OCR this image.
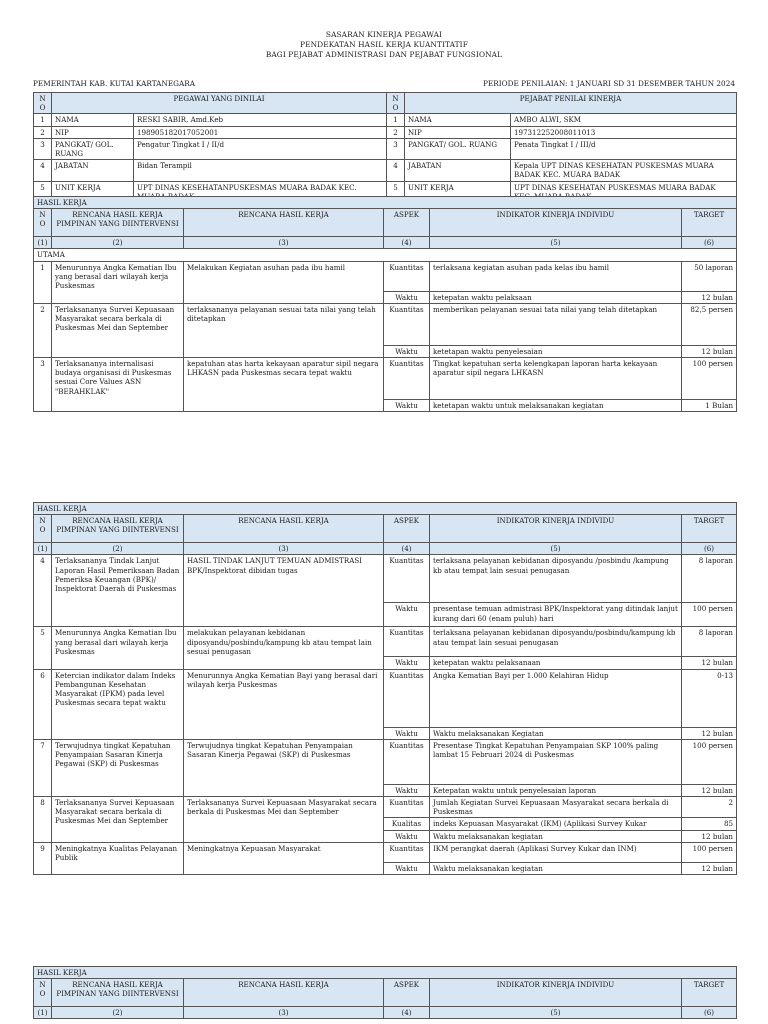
SASARAN KINERJA PEGAWAI
PENDEKATAN HASIL KERJA KUANTITATIF
BAGI PEJABAT ADMINISTRASI DAN PEJABAT FUNGSIONAL
PEMERINTAH KAB. KUTAI KARTANEGARA	PERIODE PENILAIAN: 1 JANUARI SD 31 DESEMBER TAHUN 2024
NO	PEGAWAI YANG DINILAI		NO	PEJABAT PENILAI KINERJA	
1	NAMA	RESKI SABIR, Amd.Keb	1	NAMA	AMBO ALWI, SKM
2	NIP	198905182017052001	2	NIP	197312252008011013
3	PANGKAT/ GOL. RUANG	Pengatur Tingkat I / II/d	3	PANGKAT/ GOL. RUANG	Penata Tingkat I / III/d
4	JABATAN	Bidan Terampil	4	JABATAN	Kepala UPT DINAS KESEHATAN PUSKESMAS MUARA BADAK KEC. MUARA BADAK
5	UNIT KERJA	UPT DINAS KESEHATANPUSKESMAS MUARA BADAK KEC.	5	UNIT KERJA	UPT DINAS KESEHATAN PUSKESMAS MUARA BADAK
HASIL KERJA					
NO	RENCANA HASIL KERJA PIMPINAN YANG DIINTERVENSI	RENCANA HASIL KERJA	ASPEK	INDIKATOR KINERJA INDIVIDU	TARGET
(1)	(2)	(3)	(4)	(5)	(6)
UTAMA					
1	Menurunnya Angka Kematian Ibu yang berasal dari wilayah kerja Puskesmas	Melakukan Kegiatan asuhan pada ibu hamil	Kuantitas	terlaksana kegiatan asuhan pada kelas ibu hamil	50 laporan
			Waktu	ketepatan waktu pelaksaan	12 bulan
2	Terlaksananya Survei Kepuasaan Masyarakat secara berkala di Puskesmas Mei dan September	terlaksananya pelayanan sesuai tata nilai yang telah ditetapkan	Kuantitas	memberikan pelayanan sesuai tata nilai yang telah ditetapkan	82,5 persen
			Waktu	ketetapan waktu penyelesaian	12 bulan
3	Terlaksananya internalisasi budaya organisasi di Puskesmas sesuai Core Values ASN "BERAHKLAK"	kepatuhan atas harta kekayaan aparatur sipil negara LHKASN pada Puskesmas secara tepat waktu	Kuantitas	Tingkat kepatuhan serta kelengkapan laporan harta kekayaan aparatur sipil negara LHKASN	100 persen
			Waktu	ketetapan waktu untuk melaksanakan kegiatan	1 Bulan
HASIL KERJA					
NO	RENCANA HASIL KERJA PIMPINAN YANG DIINTERVENSI	RENCANA HASIL KERJA	ASPEK	INDIKATOR KINERJA INDIVIDU	TARGET
(1)	(2)	(3)	(4)	(5)	(6)
4	Terlaksananya Tindak Lanjut Laporan Hasil Pemeriksaan Badan Pemeriksa Keuangan (BPK)/ Inspektorat Daerah di Puskesmas	HASIL TINDAK LANJUT TEMUAN ADMISTRASI BPK/Inspektorat dibidan tugas	Kuantitas	terlaksana pelayanan kebidanan diposyandu /posbindu /kampung kb atau tempat lain sesuai penugasan	8 laporan
			Waktu	presentase temuan admistrasi BPK/Inspektorat yang ditindak lanjut kurang dari 60 (enam puluh) hari	100 persen
5	Menurunnya Angka Kematian Ibu yang berasal dari wilayah kerja Puskesmas	melakukan pelayanan kebidanan diposyandu/posbindu/kampung kb atau tempat lain sesuai penugasan	Kuantitas	terlaksana pelayanan kebidanan diposyandu/posbindu/kampung kb atau tempat lain sesuai penugasan	8 laporan
			Waktu	ketepatan waktu pelaksanaan	12 bulan
6	Ketercian indikator dalam Indeks Pembangunan Kesehatan Masyarakat (IPKM) pada level Puskesmas secara tepat waktu	Menurunnya Angka Kematian Bayi yang berasal dari wilayah kerja Puskesmas	Kuantitas	Angka Kematian Bayi per 1.000 Kelahiran Hidup	0-13
			Waktu	Waktu melaksanakan Kegiatan	12 bulan
7	Terwujudnya tingkat Kepatuhan Penyampaian Sasaran Kinerja Pegawai (SKP) di Puskesmas	Terwujudnya tingkat Kepatuhan Penyampaian Sasaran Kinerja Pegawai (SKP) di Puskesmas	Kuantitas	Presentase Tingkat Kepatuhan Penyampaian SKP 100% paling lambat 15 Februari 2024 di Puskesmas	100 persen
			Waktu	Ketepatan waktu untuk penyelesaian laporan	12 bulan
8	Terlaksananya Survei Kepuasaan Masyarakat secara berkala di Puskesmas Mei dan September	Terlaksananya Survei Kepuasaan Masyarakat secara berkala di Puskesmas Mei dan September	Kuantitas	Jumlah Kegiatan Survei Kepuasaan Masyarakat secara berkala di Puskesmas	2
			Kualitas	indeks Kepuasan Masyarakat (IKM) (Aplikasi Survey Kukar	85
			Waktu	Waktu melaksanakan kegiatan	12 bulan
9	Meningkatnya Kualitas Pelayanan Publik	Meningkatnya Kepuasan Masyarakat	Kuantitas	IKM perangkat daerah (Aplikasi Survey Kukar dan INM)	100 persen
			Waktu	Waktu melaksanakan kegiatan	12 bulan
HASIL KERJA					
NO	RENCANA HASIL KERJA PIMPINAN YANG DIINTERVENSI	RENCANA HASIL KERJA	ASPEK	INDIKATOR KINERJA INDIVIDU	TARGET
(1)	(2)	(3)	(4)	(5)	(6)
